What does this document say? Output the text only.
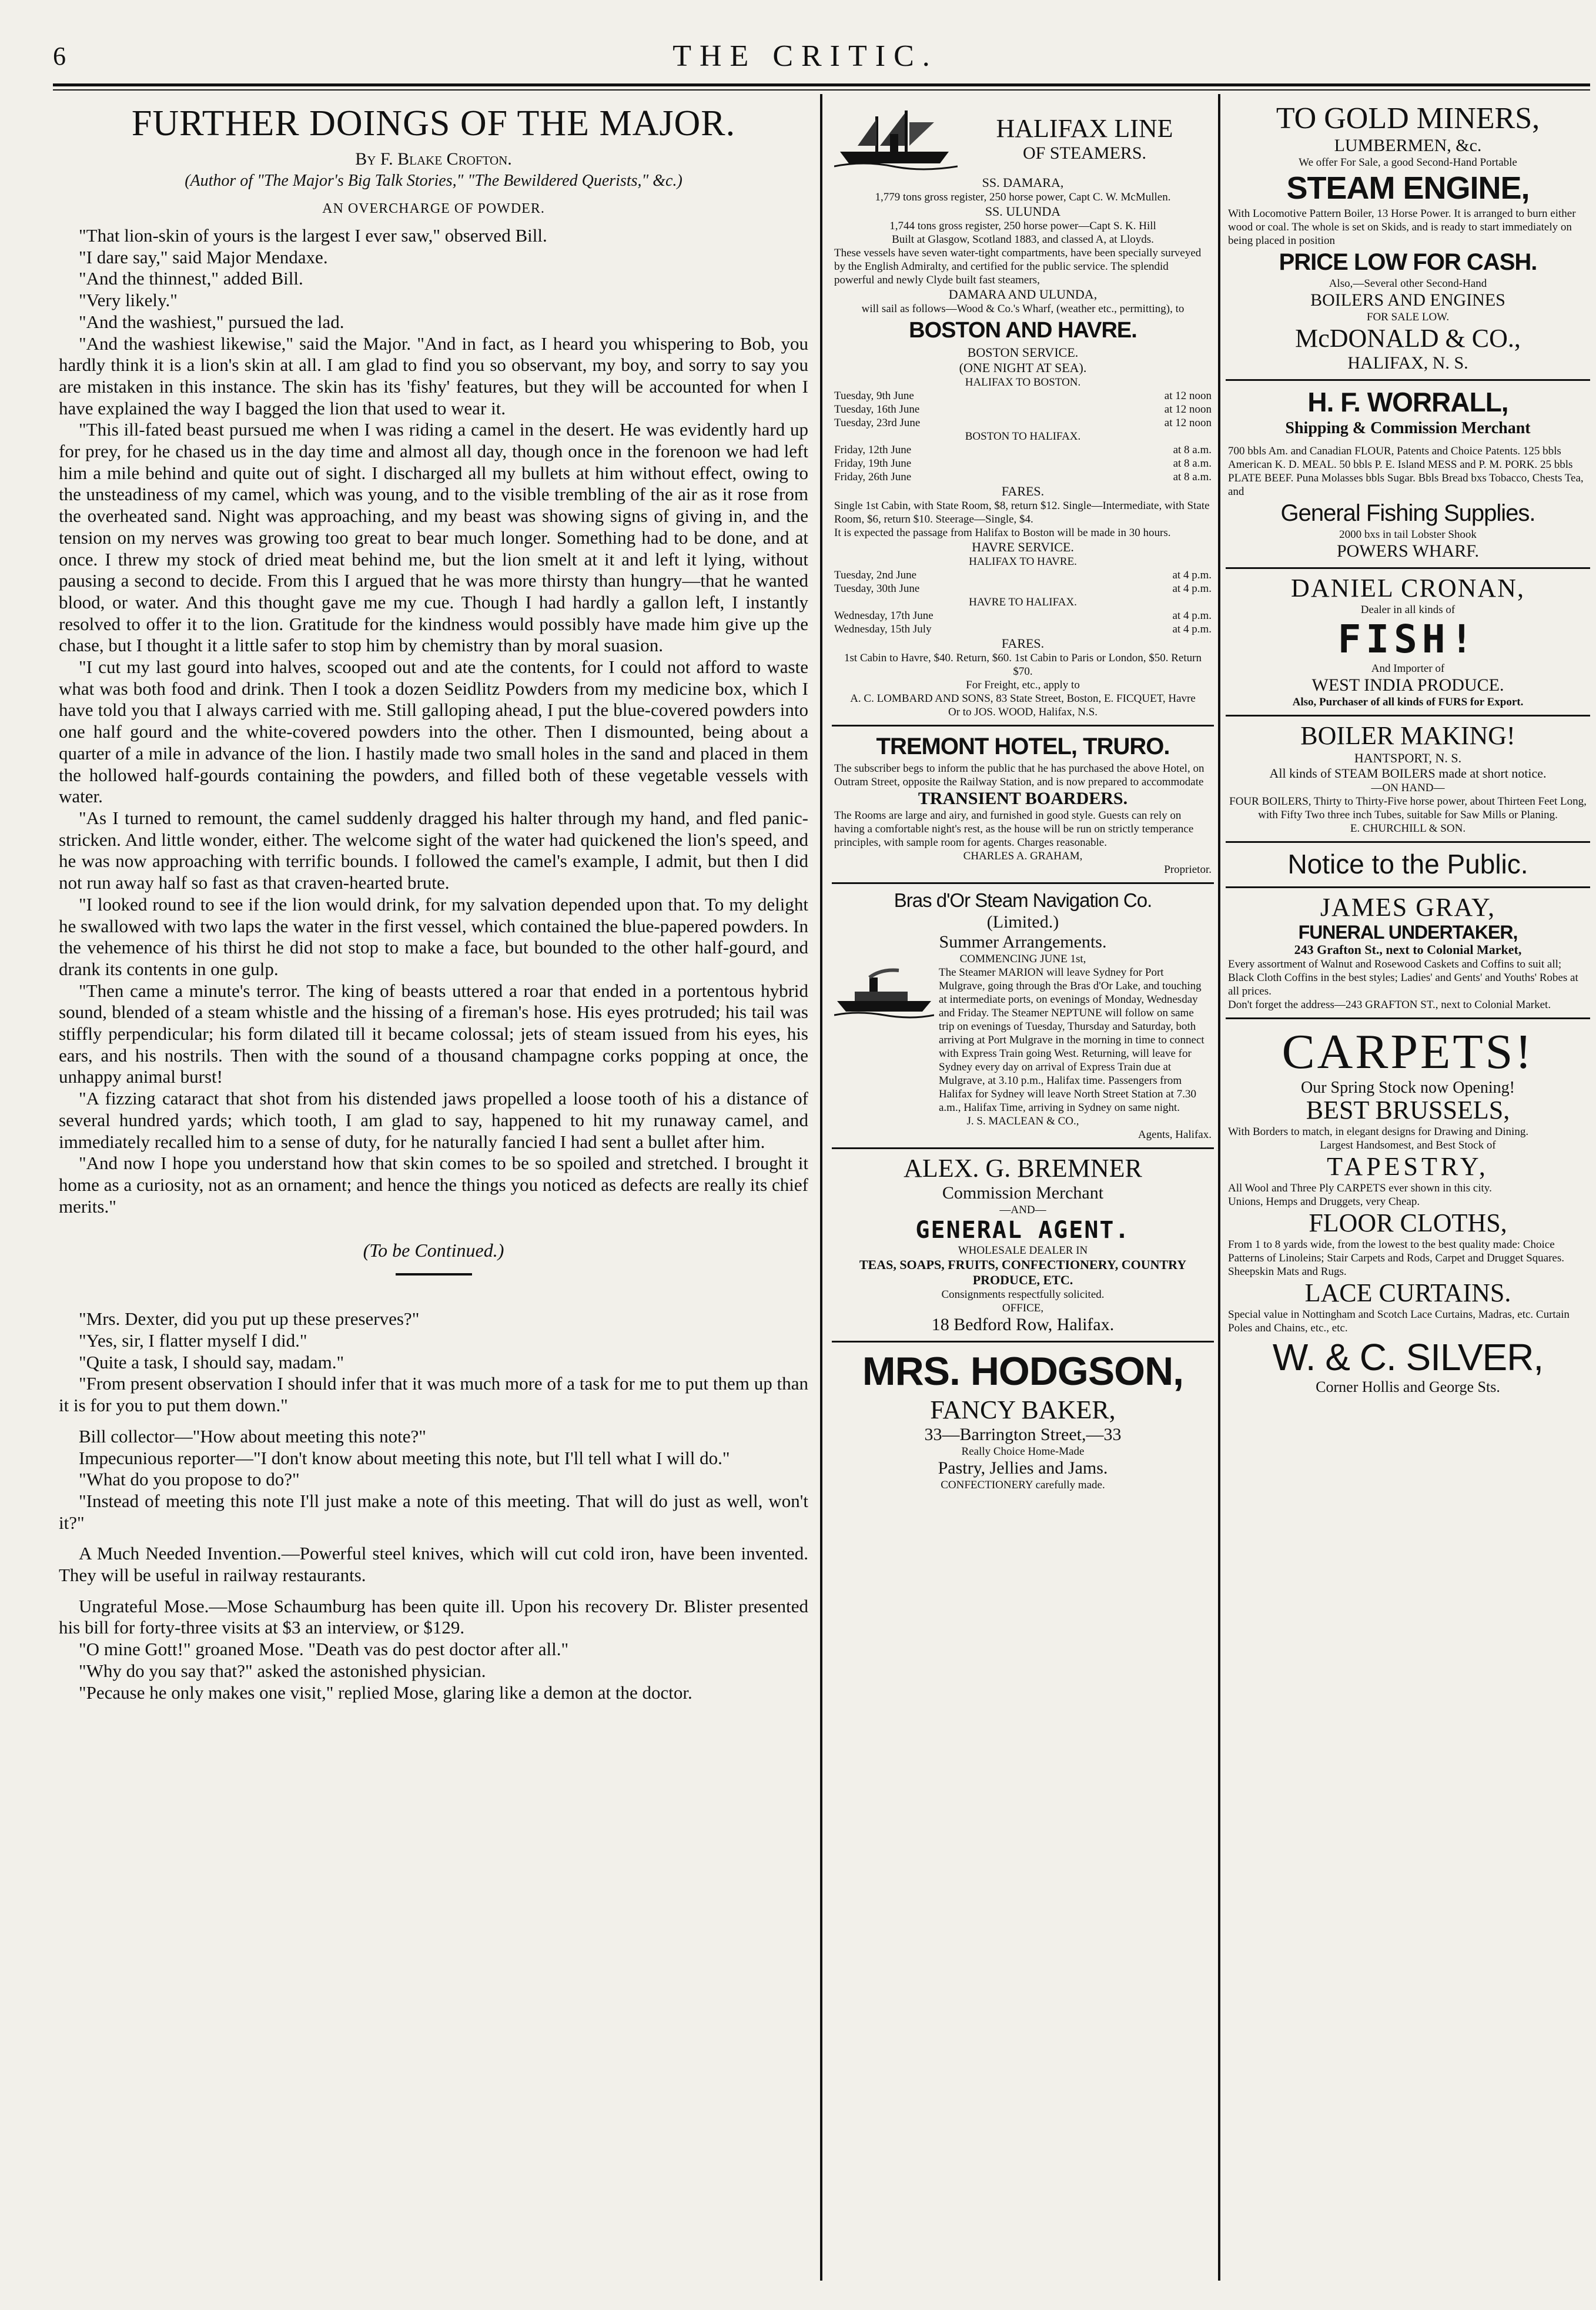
6	THE CRITIC.
FURTHER DOINGS OF THE MAJOR.
By F. Blake Crofton.
(Author of "The Major's Big Talk Stories," "The Bewildered Querists," &c.)
AN OVERCHARGE OF POWDER.

"That lion-skin of yours is the largest I ever saw," observed Bill.

"I dare say," said Major Mendaxe.

"And the thinnest," added Bill.

"Very likely."

"And the washiest," pursued the lad.

"And the washiest likewise," said the Major. "And in fact, as I heard you whispering to Bob, you hardly think it is a lion's skin at all. I am glad to find you so observant, my boy, and sorry to say you are mistaken in this instance. The skin has its 'fishy' features, but they will be accounted for when I have explained the way I bagged the lion that used to wear it.

"This ill-fated beast pursued me when I was riding a camel in the desert. He was evidently hard up for prey, for he chased us in the day time and almost all day, though once in the forenoon we had left him a mile behind and quite out of sight. I discharged all my bullets at him without effect, owing to the unsteadiness of my camel, which was young, and to the visible trembling of the air as it rose from the overheated sand. Night was approaching, and my beast was showing signs of giving in, and the tension on my nerves was growing too great to bear much longer. Something had to be done, and at once. I threw my stock of dried meat behind me, but the lion smelt at it and left it lying, without pausing a second to decide. From this I argued that he was more thirsty than hungry—that he wanted blood, or water. And this thought gave me my cue. Though I had hardly a gallon left, I instantly resolved to offer it to the lion. Gratitude for the kindness would possibly have made him give up the chase, but I thought it a little safer to stop him by chemistry than by moral suasion.

"I cut my last gourd into halves, scooped out and ate the contents, for I could not afford to waste what was both food and drink. Then I took a dozen Seidlitz Powders from my medicine box, which I have told you that I always carried with me. Still galloping ahead, I put the blue-covered powders into one half gourd and the white-covered powders into the other. Then I dismounted, being about a quarter of a mile in advance of the lion. I hastily made two small holes in the sand and placed in them the hollowed half-gourds containing the powders, and filled both of these vegetable vessels with water.

"As I turned to remount, the camel suddenly dragged his halter through my hand, and fled panic-stricken. And little wonder, either. The welcome sight of the water had quickened the lion's speed, and he was now approaching with terrific bounds. I followed the camel's example, I admit, but then I did not run away half so fast as that craven-hearted brute.

"I looked round to see if the lion would drink, for my salvation depended upon that. To my delight he swallowed with two laps the water in the first vessel, which contained the blue-papered powders. In the vehemence of his thirst he did not stop to make a face, but bounded to the other half-gourd, and drank its contents in one gulp.

"Then came a minute's terror. The king of beasts uttered a roar that ended in a portentous hybrid sound, blended of a steam whistle and the hissing of a fireman's hose. His eyes protruded; his tail was stiffly perpendicular; his form dilated till it became colossal; jets of steam issued from his eyes, his ears, and his nostrils. Then with the sound of a thousand champagne corks popping at once, the unhappy animal burst!

"A fizzing cataract that shot from his distended jaws propelled a loose tooth of his a distance of several hundred yards; which tooth, I am glad to say, happened to hit my runaway camel, and immediately recalled him to a sense of duty, for he naturally fancied I had sent a bullet after him.

"And now I hope you understand how that skin comes to be so spoiled and stretched. I brought it home as a curiosity, not as an ornament; and hence the things you noticed as defects are really its chief merits."

(To be Continued.)

"Mrs. Dexter, did you put up these preserves?"

"Yes, sir, I flatter myself I did."

"Quite a task, I should say, madam."

"From present observation I should infer that it was much more of a task for me to put them up than it is for you to put them down."

Bill collector—"How about meeting this note?"

Impecunious reporter—"I don't know about meeting this note, but I'll tell what I will do."

"What do you propose to do?"

"Instead of meeting this note I'll just make a note of this meeting. That will do just as well, won't it?"

A Much Needed Invention.—Powerful steel knives, which will cut cold iron, have been invented. They will be useful in railway restaurants.

Ungrateful Mose.—Mose Schaumburg has been quite ill. Upon his recovery Dr. Blister presented his bill for forty-three visits at $3 an interview, or $129.

"O mine Gott!" groaned Mose. "Death vas do pest doctor after all."

"Why do you say that?" asked the astonished physician.

"Pecause he only makes one visit," replied Mose, glaring like a demon at the doctor.

HALIFAX LINE
OF STEAMERS.
SS. DAMARA,
1,779 tons gross register, 250 horse power, Capt C. W. McMullen.
SS. ULUNDA
1,744 tons gross register, 250 horse power—Capt S. K. Hill
Built at Glasgow, Scotland 1883, and classed A, at Lloyds.
These vessels have seven water-tight compartments, have been specially surveyed by the English Admiralty, and certified for the public service. The splendid powerful and newly Clyde built fast steamers,
DAMARA AND ULUNDA,
will sail as follows—Wood & Co.'s Wharf, (weather etc., permitting), to
BOSTON AND HAVRE.
BOSTON SERVICE.
(ONE NIGHT AT SEA).
HALIFAX TO BOSTON.
Tuesday, 9th June	at 12 noon
Tuesday, 16th June	at 12 noon
Tuesday, 23rd June	at 12 noon
BOSTON TO HALIFAX.
Friday, 12th June	at 8 a.m.
Friday, 19th June	at 8 a.m.
Friday, 26th June	at 8 a.m.
FARES.
Single 1st Cabin, with State Room, $8, return $12. Single—Intermediate, with State Room, $6, return $10. Steerage—Single, $4.
It is expected the passage from Halifax to Boston will be made in 30 hours.
HAVRE SERVICE.
HALIFAX TO HAVRE.
Tuesday, 2nd June	at 4 p.m.
Tuesday, 30th June	at 4 p.m.
HAVRE TO HALIFAX.
Wednesday, 17th June	at 4 p.m.
Wednesday, 15th July	at 4 p.m.
FARES.
1st Cabin to Havre, $40. Return, $60. 1st Cabin to Paris or London, $50. Return $70.
For Freight, etc., apply to
A. C. LOMBARD AND SONS, 83 State Street, Boston, E. FICQUET, Havre
Or to JOS. WOOD, Halifax, N.S.
TREMONT HOTEL, TRURO.
The subscriber begs to inform the public that he has purchased the above Hotel, on Outram Street, opposite the Railway Station, and is now prepared to accommodate
TRANSIENT BOARDERS.
The Rooms are large and airy, and furnished in good style. Guests can rely on having a comfortable night's rest, as the house will be run on strictly temperance principles, with sample room for agents. Charges reasonable.
CHARLES A. GRAHAM,
Proprietor.
Bras d'Or Steam Navigation Co.
(Limited.)
Summer Arrangements.
COMMENCING JUNE 1st,
The Steamer MARION will leave Sydney for Port Mulgrave, going through the Bras d'Or Lake, and touching at intermediate ports, on evenings of Monday, Wednesday and Friday. The Steamer NEPTUNE will follow on same trip on evenings of Tuesday, Thursday and Saturday, both arriving at Port Mulgrave in the morning in time to connect with Express Train going West. Returning, will leave for Sydney every day on arrival of Express Train due at Mulgrave, at 3.10 p.m., Halifax time. Passengers from Halifax for Sydney will leave North Street Station at 7.30 a.m., Halifax Time, arriving in Sydney on same night.
J. S. MACLEAN & CO.,
Agents, Halifax.
ALEX. G. BREMNER
Commission Merchant
—AND—
GENERAL AGENT.
WHOLESALE DEALER IN
TEAS, SOAPS, FRUITS, CONFECTIONERY, COUNTRY PRODUCE, ETC.
Consignments respectfully solicited.
OFFICE,
18 Bedford Row, Halifax.
MRS. HODGSON,
FANCY BAKER,
33—Barrington Street,—33
Really Choice Home-Made
Pastry, Jellies and Jams.
CONFECTIONERY carefully made.
TO GOLD MINERS,
LUMBERMEN, &c.
We offer For Sale, a good Second-Hand Portable
STEAM ENGINE,
With Locomotive Pattern Boiler, 13 Horse Power. It is arranged to burn either wood or coal. The whole is set on Skids, and is ready to start immediately on being placed in position
PRICE LOW FOR CASH.
Also,—Several other Second-Hand
BOILERS AND ENGINES
FOR SALE LOW.
McDONALD & CO.,
HALIFAX, N. S.
H. F. WORRALL,
Shipping & Commission Merchant
700 bbls Am. and Canadian FLOUR, Patents and Choice Patents. 125 bbls American K. D. MEAL. 50 bbls P. E. Island MESS and P. M. PORK. 25 bbls PLATE BEEF. Puna Molasses bbls Sugar. Bbls Bread bxs Tobacco, Chests Tea, and
General Fishing Supplies.
2000 bxs in tail Lobster Shook
POWERS WHARF.
DANIEL CRONAN,
Dealer in all kinds of
FISH!
And Importer of
WEST INDIA PRODUCE.
Also, Purchaser of all kinds of FURS for Export.
BOILER MAKING!
HANTSPORT, N. S.
All kinds of STEAM BOILERS made at short notice.
—ON HAND—
FOUR BOILERS, Thirty to Thirty-Five horse power, about Thirteen Feet Long, with Fifty Two three inch Tubes, suitable for Saw Mills or Planing.
E. CHURCHILL & SON.
Notice to the Public.
JAMES GRAY,
FUNERAL UNDERTAKER,
243 Grafton St., next to Colonial Market,
Every assortment of Walnut and Rosewood Caskets and Coffins to suit all; Black Cloth Coffins in the best styles; Ladies' and Gents' and Youths' Robes at all prices.
Don't forget the address—243 GRAFTON ST., next to Colonial Market.
CARPETS!
Our Spring Stock now Opening!
BEST BRUSSELS,
With Borders to match, in elegant designs for Drawing and Dining.
Largest Handsomest, and Best Stock of
TAPESTRY,
All Wool and Three Ply CARPETS ever shown in this city.
Unions, Hemps and Druggets, very Cheap.
FLOOR CLOTHS,
From 1 to 8 yards wide, from the lowest to the best quality made: Choice Patterns of Linoleins; Stair Carpets and Rods, Carpet and Drugget Squares. Sheepskin Mats and Rugs.
LACE CURTAINS.
Special value in Nottingham and Scotch Lace Curtains, Madras, etc. Curtain Poles and Chains, etc., etc.
W. & C. SILVER,
Corner Hollis and George Sts.
